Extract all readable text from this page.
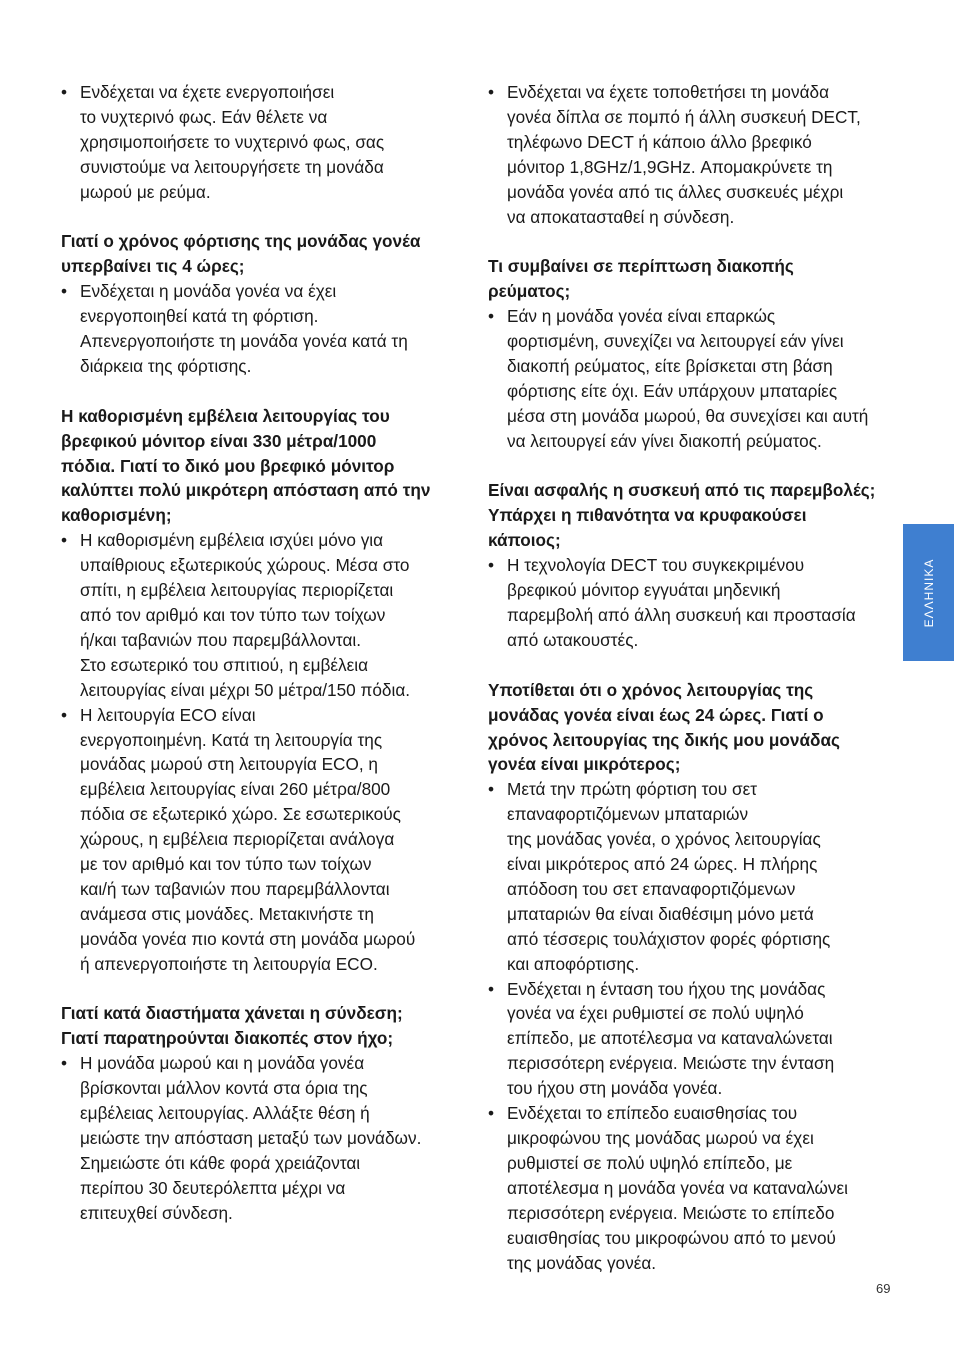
• Ενδέχεται να έχετε ενεργοποιήσει
το νυχτερινό φως. Εάν θέλετε να
χρησιμοποιήσετε το νυχτερινό φως, σας
συνιστούμε να λειτουργήσετε τη μονάδα
μωρού με ρεύμα.
Γιατί ο χρόνος φόρτισης της μονάδας γονέα
υπερβαίνει τις 4 ώρες;
• Ενδέχεται η μονάδα γονέα να έχει
ενεργοποιηθεί κατά τη φόρτιση.
Απενεργοποιήστε τη μονάδα γονέα κατά τη
διάρκεια της φόρτισης.
Η καθορισμένη εμβέλεια λειτουργίας του
βρεφικού μόνιτορ είναι 330 μέτρα/1000
πόδια. Γιατί το δικό μου βρεφικό μόνιτορ
καλύπτει πολύ μικρότερη απόσταση από την
καθορισμένη;
• Η καθορισμένη εμβέλεια ισχύει μόνο για
υπαίθριους εξωτερικούς χώρους. Μέσα στο
σπίτι, η εμβέλεια λειτουργίας περιορίζεται
από τον αριθμό και τον τύπο των τοίχων
ή/και ταβανιών που παρεμβάλλονται.
Στο εσωτερικό του σπιτιού, η εμβέλεια
λειτουργίας είναι μέχρι 50 μέτρα/150 πόδια.
• Η λειτουργία ECO είναι
ενεργοποιημένη. Κατά τη λειτουργία της
μονάδας μωρού στη λειτουργία ECO, η
εμβέλεια λειτουργίας είναι 260 μέτρα/800
πόδια σε εξωτερικό χώρο. Σε εσωτερικούς
χώρους, η εμβέλεια περιορίζεται ανάλογα
με τον αριθμό και τον τύπο των τοίχων
και/ή των ταβανιών που παρεμβάλλονται
ανάμεσα στις μονάδες. Μετακινήστε τη
μονάδα γονέα πιο κοντά στη μονάδα μωρού
ή απενεργοποιήστε τη λειτουργία ECO.
Γιατί κατά διαστήματα χάνεται η σύνδεση;
Γιατί παρατηρούνται διακοπές στον ήχο;
• Η μονάδα μωρού και η μονάδα γονέα
βρίσκονται μάλλον κοντά στα όρια της
εμβέλειας λειτουργίας. Αλλάξτε θέση ή
μειώστε την απόσταση μεταξύ των μονάδων.
Σημειώστε ότι κάθε φορά χρειάζονται
περίπου 30 δευτερόλεπτα μέχρι να
επιτευχθεί σύνδεση.
• Ενδέχεται να έχετε τοποθετήσει τη μονάδα
γονέα δίπλα σε πομπό ή άλλη συσκευή DECT,
τηλέφωνο DECT ή κάποιο άλλο βρεφικό
μόνιτορ 1,8GHz/1,9GHz. Απομακρύνετε τη
μονάδα γονέα από τις άλλες συσκευές μέχρι
να αποκατασταθεί η σύνδεση.
Τι συμβαίνει σε περίπτωση διακοπής
ρεύματος;
• Εάν η μονάδα γονέα είναι επαρκώς
φορτισμένη, συνεχίζει να λειτουργεί εάν γίνει
διακοπή ρεύματος, είτε βρίσκεται στη βάση
φόρτισης είτε όχι. Εάν υπάρχουν μπαταρίες
μέσα στη μονάδα μωρού, θα συνεχίσει και αυτή
να λειτουργεί εάν γίνει διακοπή ρεύματος.
Είναι ασφαλής η συσκευή από τις παρεμβολές;
Υπάρχει η πιθανότητα να κρυφακούσει
κάποιος;
• Η τεχνολογία DECT του συγκεκριμένου
βρεφικού μόνιτορ εγγυάται μηδενική
παρεμβολή από άλλη συσκευή και προστασία
από ωτακουστές.
Υποτίθεται ότι ο χρόνος λειτουργίας της
μονάδας γονέα είναι έως 24 ώρες. Γιατί ο
χρόνος λειτουργίας της δικής μου μονάδας
γονέα είναι μικρότερος;
• Μετά την πρώτη φόρτιση του σετ
επαναφορτιζόμενων μπαταριών
της μονάδας γονέα, ο χρόνος λειτουργίας
είναι μικρότερος από 24 ώρες. Η πλήρης
απόδοση του σετ επαναφορτιζόμενων
μπαταριών θα είναι διαθέσιμη μόνο μετά
από τέσσερις τουλάχιστον φορές φόρτισης
και αποφόρτισης.
• Ενδέχεται η ένταση του ήχου της μονάδας
γονέα να έχει ρυθμιστεί σε πολύ υψηλό
επίπεδο, με αποτέλεσμα να καταναλώνεται
περισσότερη ενέργεια. Μειώστε την ένταση
του ήχου στη μονάδα γονέα.
• Ενδέχεται το επίπεδο ευαισθησίας του
μικροφώνου της μονάδας μωρού να έχει
ρυθμιστεί σε πολύ υψηλό επίπεδο, με
αποτέλεσμα η μονάδα γονέα να καταναλώνει
περισσότερη ενέργεια. Μειώστε το επίπεδο
ευαισθησίας του μικροφώνου από το μενού
της μονάδας γονέα.
ΕΛΛΗΝΙΚΑ
69
